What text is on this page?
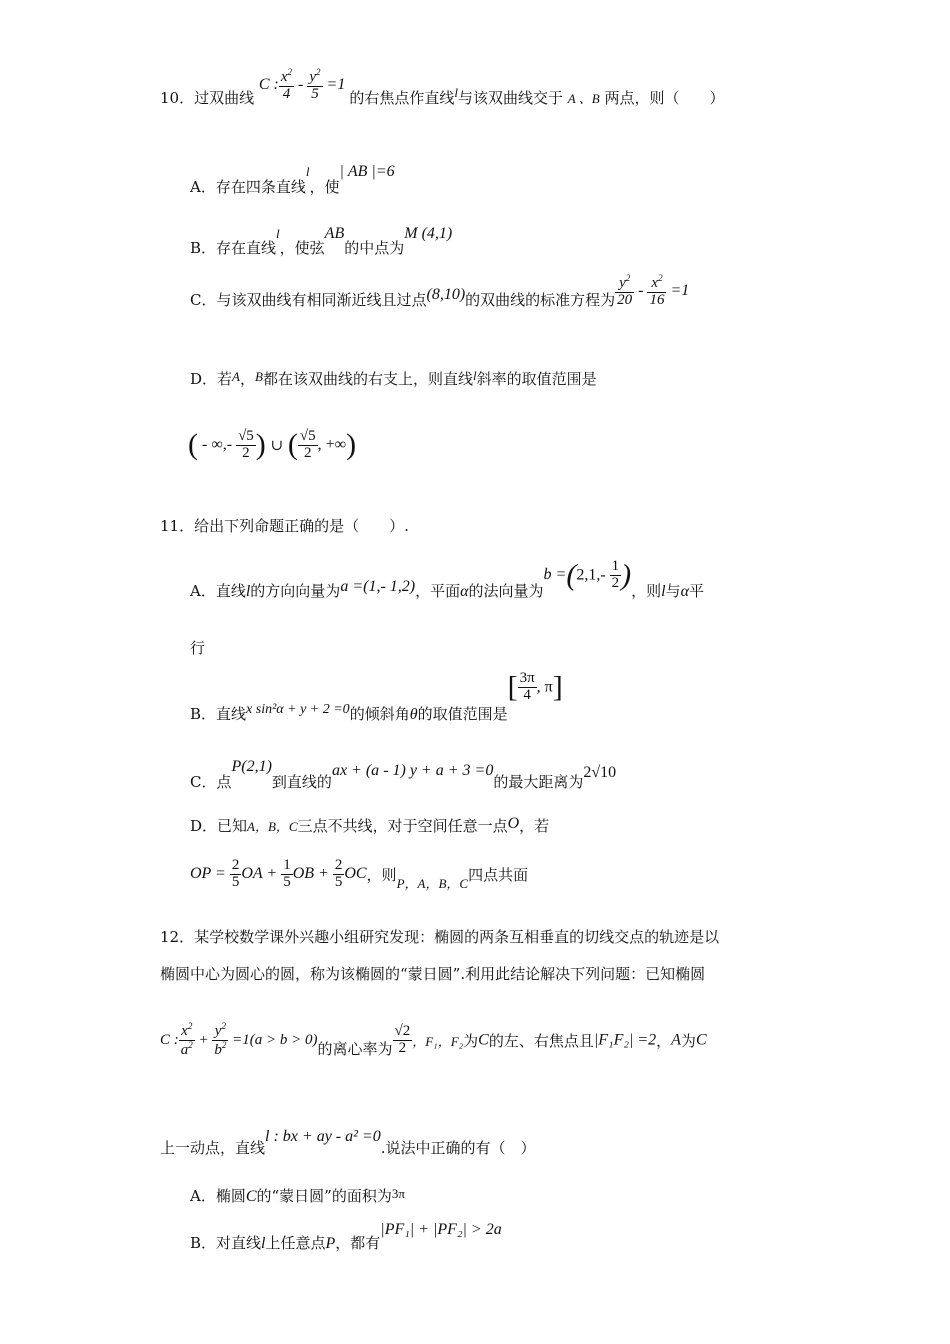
10．过双曲线 C : $\frac{x^2}{4} - \frac{y^2}{5} =1$ 的右焦点作直线l与该双曲线交于 A 、B 两点，则（　　）
A．存在四条直线l，使| AB |=6
B．存在直线l，使弦AB的中点为M (4,1)
C．与该双曲线有相同渐近线且过点(8,10)的双曲线的标准方程为 $\frac{y^2}{20} - \frac{x^2}{16} =1$
D．若A，B都在该双曲线的右支上，则直线l斜率的取值范围是
( - ∞,- $\frac{√5}{2}$ ) ∪ ( $\frac{√5}{2}$ , +∞)
11．给出下列命题正确的是（　　）.
A．直线l的方向向量为a =(1,- 1,2)，平面α的法向量为$b =(2,1,- \frac{1}{2}$ )，则l与α平
行
B．直线x sin²α + y + 2 =0的倾斜角θ的取值范围是[ $\frac{3\pi}{4}$ , π]
C．点P(2,1)到直线的ax + (a - 1) y + a + 3 =0的最大距离为2√10
D．已知A，B，C三点不共线，对于空间任意一点O，若
OP = $\frac{2}{5}$ OA + $\frac{1}{5}$ OB + $\frac{2}{5}$ OC，则P，A，B，C四点共面
12．某学校数学课外兴趣小组研究发现：椭圆的两条互相垂直的切线交点的轨迹是以
椭圆中心为圆心的圆，称为该椭圆的“蒙日圆”.利用此结论解决下列问题：已知椭圆
C : $\frac{x^2}{a^2} + \frac{y^2}{b^2} =1(a > b > 0)$的离心率为 $\frac{√2}{2}$ ，F₁，F₂为C的左、右焦点且|F₁F₂| =2，A为C
上一动点，直线l : bx + ay - a² =0.说法中正确的有（　）
A．椭圆C的“蒙日圆”的面积为3π
B．对直线l上任意点P，都有|PF₁| + |PF₂| > 2a
